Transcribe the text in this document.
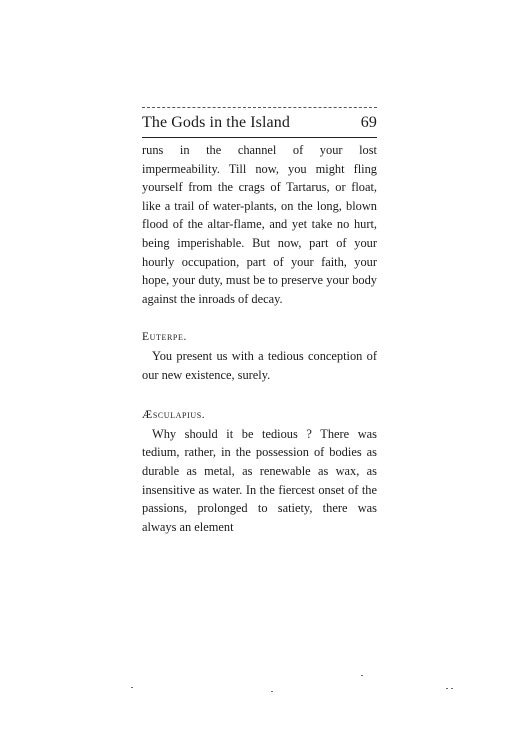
The Gods in the Island	69

runs in the channel of your lost impermeability. Till now, you might fling yourself from the crags of Tartarus, or float, like a trail of water-plants, on the long, blown flood of the altar-flame, and yet take no hurt, being imperishable. But now, part of your hourly occupation, part of your faith, your hope, your duty, must be to preserve your body against the inroads of decay.

Euterpe.

You present us with a tedious conception of our new existence, surely.

Æsculapius.

Why should it be tedious ? There was tedium, rather, in the possession of bodies as durable as metal, as renewable as wax, as insensitive as water. In the fiercest onset of the passions, prolonged to satiety, there was always an element
